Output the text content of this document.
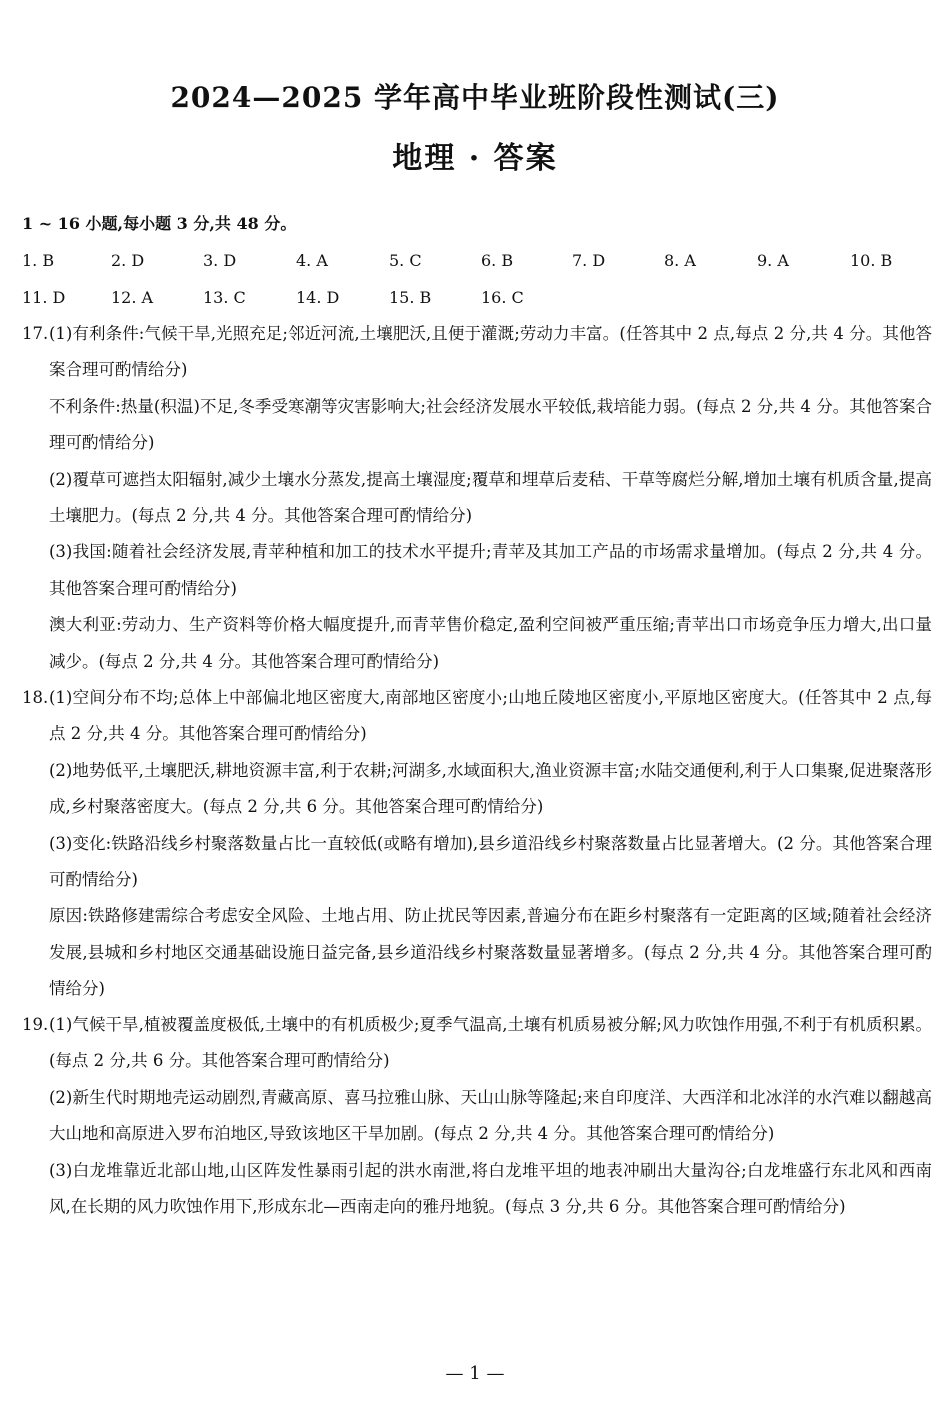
2024—2025 学年高中毕业班阶段性测试(三)
地理 · 答案
1 ~ 16 小题,每小题 3 分,共 48 分。
1. B	2. D	3. D	4. A	5. C	6. B	7. D	8. A	9. A	10. B
11. D	12. A	13. C	14. D	15. B	16. C
17. (1)有利条件:气候干旱,光照充足;邻近河流,土壤肥沃,且便于灌溉;劳动力丰富。(任答其中 2 点,每点 2 分,共 4 分。其他答案合理可酌情给分)

不利条件:热量(积温)不足,冬季受寒潮等灾害影响大;社会经济发展水平较低,栽培能力弱。(每点 2 分,共 4 分。其他答案合理可酌情给分)

(2)覆草可遮挡太阳辐射,减少土壤水分蒸发,提高土壤湿度;覆草和埋草后麦秸、干草等腐烂分解,增加土壤有机质含量,提高土壤肥力。(每点 2 分,共 4 分。其他答案合理可酌情给分)

(3)我国:随着社会经济发展,青苹种植和加工的技术水平提升;青苹及其加工产品的市场需求量增加。(每点 2 分,共 4 分。其他答案合理可酌情给分)

澳大利亚:劳动力、生产资料等价格大幅度提升,而青苹售价稳定,盈利空间被严重压缩;青苹出口市场竞争压力增大,出口量减少。(每点 2 分,共 4 分。其他答案合理可酌情给分)

18. (1)空间分布不均;总体上中部偏北地区密度大,南部地区密度小;山地丘陵地区密度小,平原地区密度大。(任答其中 2 点,每点 2 分,共 4 分。其他答案合理可酌情给分)

(2)地势低平,土壤肥沃,耕地资源丰富,利于农耕;河湖多,水域面积大,渔业资源丰富;水陆交通便利,利于人口集聚,促进聚落形成,乡村聚落密度大。(每点 2 分,共 6 分。其他答案合理可酌情给分)

(3)变化:铁路沿线乡村聚落数量占比一直较低(或略有增加),县乡道沿线乡村聚落数量占比显著增大。(2 分。其他答案合理可酌情给分)

原因:铁路修建需综合考虑安全风险、土地占用、防止扰民等因素,普遍分布在距乡村聚落有一定距离的区域;随着社会经济发展,县城和乡村地区交通基础设施日益完备,县乡道沿线乡村聚落数量显著增多。(每点 2 分,共 4 分。其他答案合理可酌情给分)

19. (1)气候干旱,植被覆盖度极低,土壤中的有机质极少;夏季气温高,土壤有机质易被分解;风力吹蚀作用强,不利于有机质积累。(每点 2 分,共 6 分。其他答案合理可酌情给分)

(2)新生代时期地壳运动剧烈,青藏高原、喜马拉雅山脉、天山山脉等隆起;来自印度洋、大西洋和北冰洋的水汽难以翻越高大山地和高原进入罗布泊地区,导致该地区干旱加剧。(每点 2 分,共 4 分。其他答案合理可酌情给分)

(3)白龙堆靠近北部山地,山区阵发性暴雨引起的洪水南泄,将白龙堆平坦的地表冲刷出大量沟谷;白龙堆盛行东北风和西南风,在长期的风力吹蚀作用下,形成东北—西南走向的雅丹地貌。(每点 3 分,共 6 分。其他答案合理可酌情给分)

— 1 —
